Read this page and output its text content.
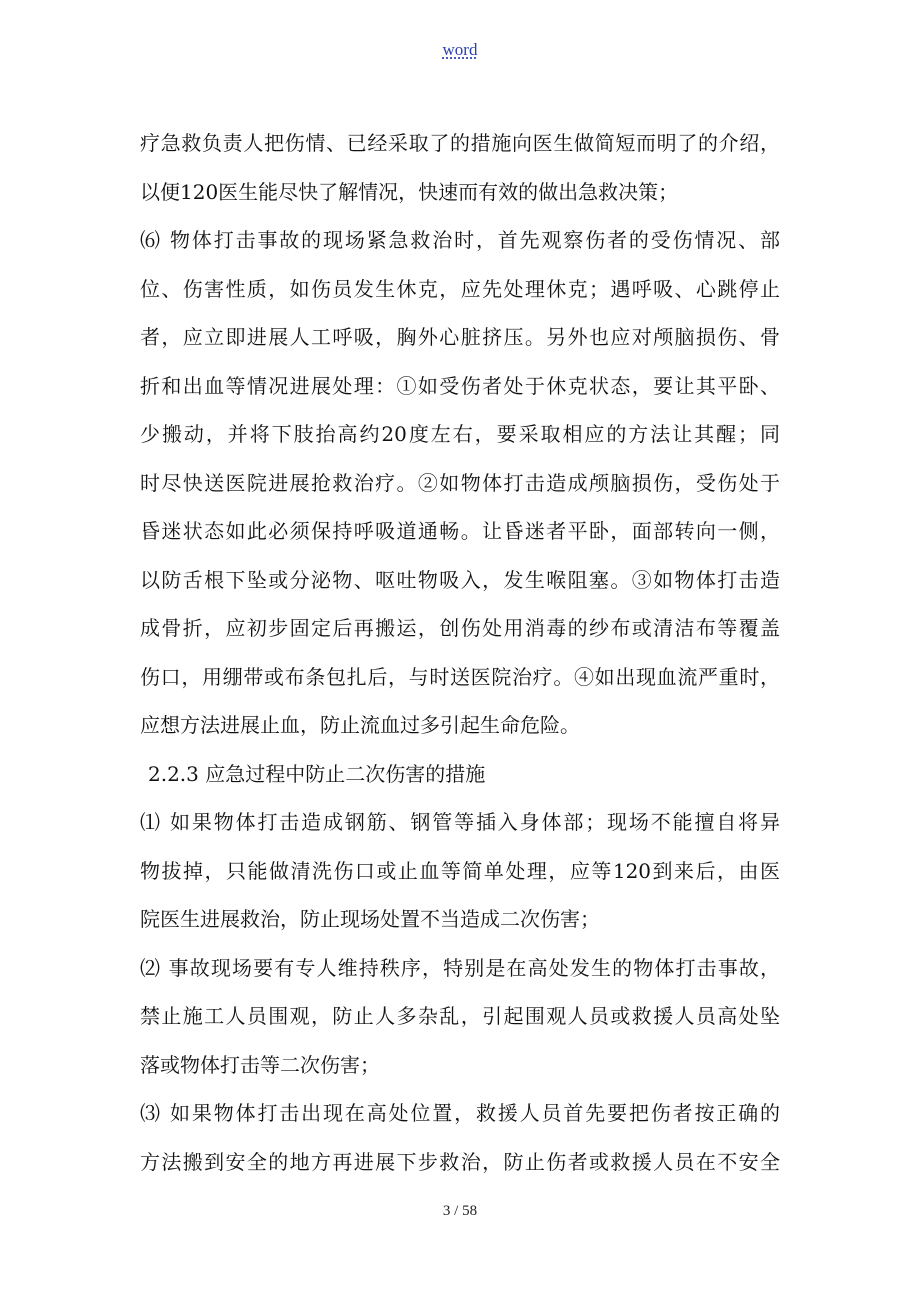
word
疗急救负责人把伤情、已经采取了的措施向医生做简短而明了的介绍，
以便120医生能尽快了解情况，快速而有效的做出急救决策；
⑹ 物体打击事故的现场紧急救治时，首先观察伤者的受伤情况、部
位、伤害性质，如伤员发生休克，应先处理休克；遇呼吸、心跳停止
者，应立即进展人工呼吸，胸外心脏挤压。另外也应对颅脑损伤、骨
折和出血等情况进展处理：①如受伤者处于休克状态，要让其平卧、
少搬动，并将下肢抬高约20度左右，要采取相应的方法让其醒；同
时尽快送医院进展抢救治疗。②如物体打击造成颅脑损伤，受伤处于
昏迷状态如此必须保持呼吸道通畅。让昏迷者平卧，面部转向一侧，
以防舌根下坠或分泌物、呕吐物吸入，发生喉阻塞。③如物体打击造
成骨折，应初步固定后再搬运，创伤处用消毒的纱布或清洁布等覆盖
伤口，用绷带或布条包扎后，与时送医院治疗。④如出现血流严重时，
应想方法进展止血，防止流血过多引起生命危险。
2.2.3 应急过程中防止二次伤害的措施
⑴ 如果物体打击造成钢筋、钢管等插入身体部；现场不能擅自将异
物拔掉，只能做清洗伤口或止血等简单处理，应等120到来后，由医
院医生进展救治，防止现场处置不当造成二次伤害；
⑵ 事故现场要有专人维持秩序，特别是在高处发生的物体打击事故，
禁止施工人员围观，防止人多杂乱，引起围观人员或救援人员高处坠
落或物体打击等二次伤害；
⑶ 如果物体打击出现在高处位置，救援人员首先要把伤者按正确的
方法搬到安全的地方再进展下步救治，防止伤者或救援人员在不安全
3 / 58
